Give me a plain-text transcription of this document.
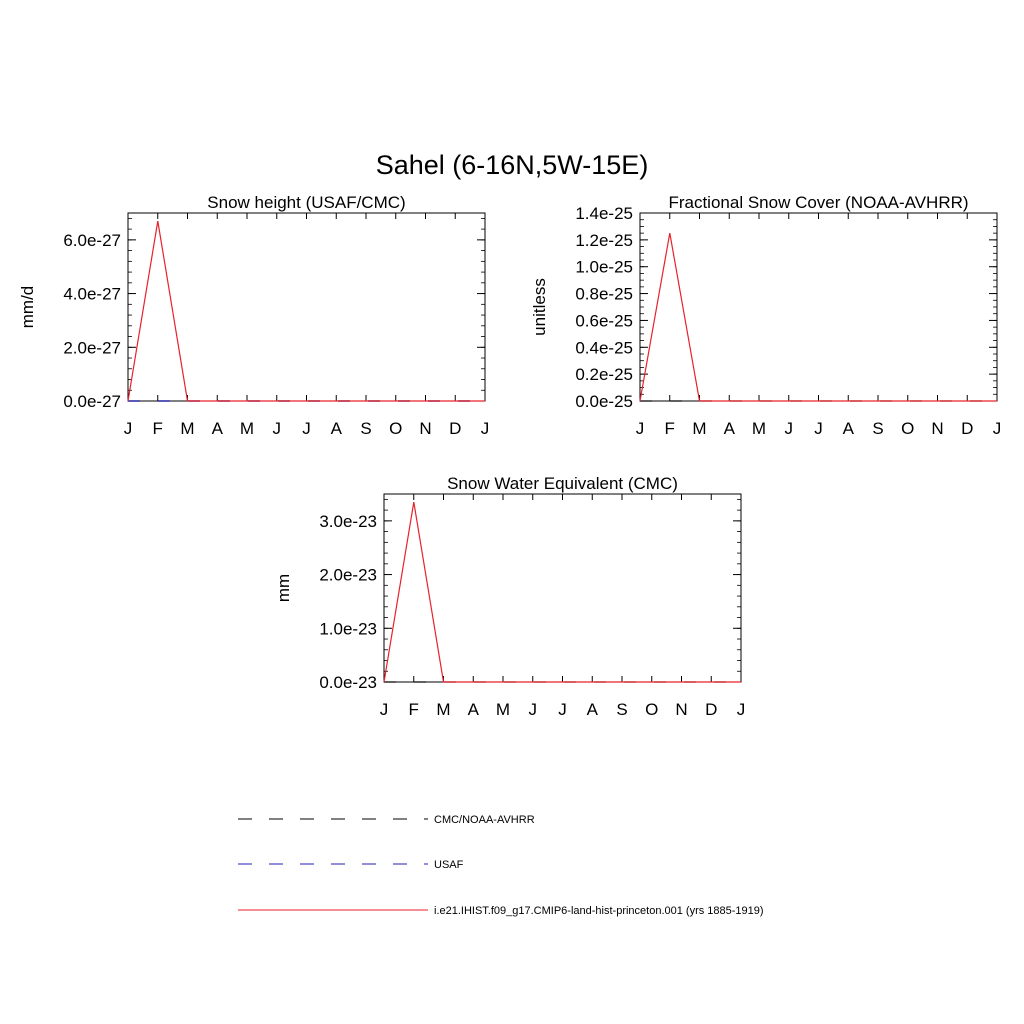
Sahel (6-16N,5W-15E)
Snow height (USAF/CMC)
mm/d
J F M A M J J A S O N D J
0.0e-27
2.0e-27
4.0e-27
6.0e-27
Fractional Snow Cover (NOAA-AVHRR)
unitless
J F M A M J J A S O N D J
0.0e-25
0.2e-25
0.4e-25
0.6e-25
0.8e-25
1.0e-25
1.2e-25
1.4e-25
Snow Water Equivalent (CMC)
mm
J F M A M J J A S O N D J
0.0e-23
1.0e-23
2.0e-23
3.0e-23
CMC/NOAA-AVHRR
USAF
i.e21.IHIST.f09_g17.CMIP6-land-hist-princeton.001 (yrs 1885-1919)
